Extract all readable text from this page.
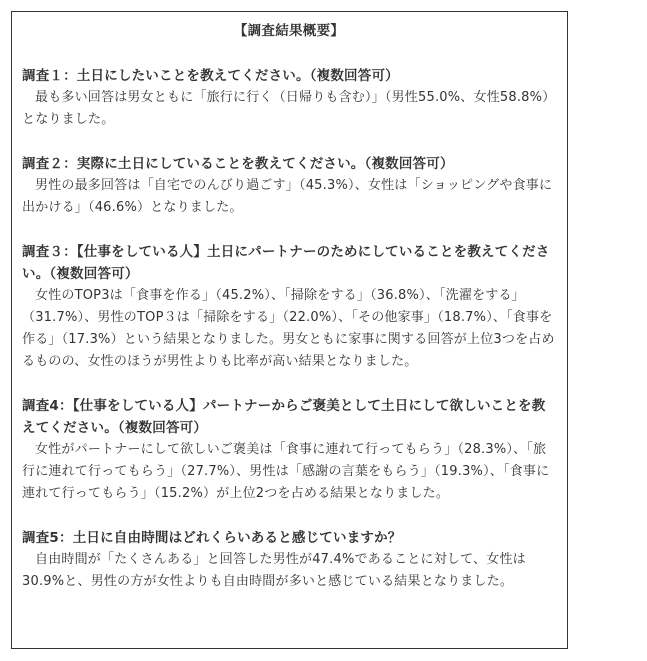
【調査結果概要】

調査１：土日にしたいことを教えてください。（複数回答可）

最も多い回答は男女ともに「旅行に行く（日帰りも含む）」（男性55.0%、女性58.8%）となりました。

調査２：実際に土日にしていることを教えてください。（複数回答可）

男性の最多回答は「自宅でのんびり過ごす」（45.3%）、女性は「ショッピングや食事に出かける」（46.6%）となりました。

調査３：【仕事をしている人】土日にパートナーのためにしていることを教えてください。（複数回答可）

女性のTOP3は「食事を作る」（45.2%）、「掃除をする」（36.8%）、「洗濯をする」（31.7%）、男性のTOP３は「掃除をする」（22.0%）、「その他家事」（18.7%）、「食事を作る」（17.3%）という結果となりました。男女ともに家事に関する回答が上位3つを占めるものの、女性のほうが男性よりも比率が高い結果となりました。

調査4：【仕事をしている人】パートナーからご褒美として土日にして欲しいことを教えてください。（複数回答可）

女性がパートナーにして欲しいご褒美は「食事に連れて行ってもらう」（28.3%）、「旅行に連れて行ってもらう」（27.7%）、男性は「感謝の言葉をもらう」（19.3%）、「食事に連れて行ってもらう」（15.2%）が上位2つを占める結果となりました。

調査5：土日に自由時間はどれくらいあると感じていますか？

自由時間が「たくさんある」と回答した男性が47.4%であることに対して、女性は30.9%と、男性の方が女性よりも自由時間が多いと感じている結果となりました。
